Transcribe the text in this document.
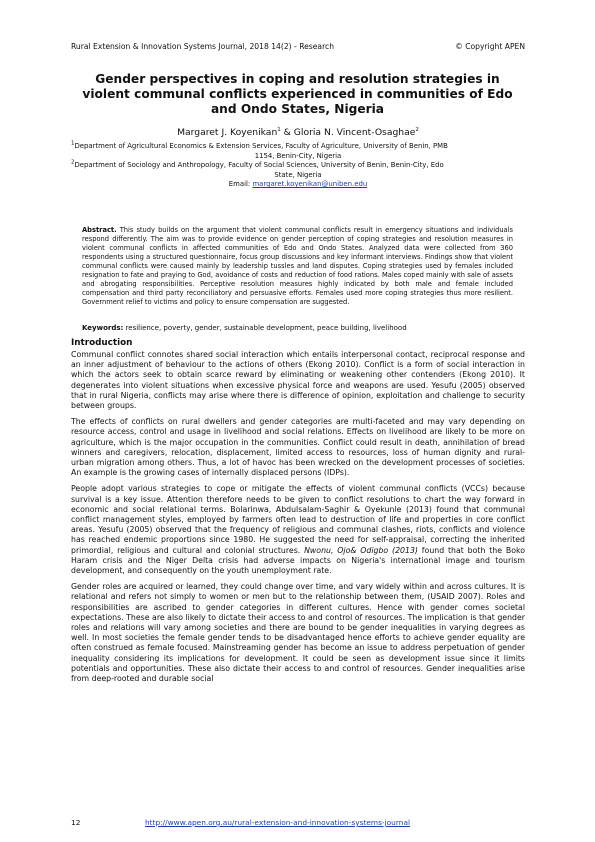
Rural Extension & Innovation Systems Journal, 2018 14(2) - Research	© Copyright APEN
Gender perspectives in coping and resolution strategies in violent communal conflicts experienced in communities of Edo and Ondo States, Nigeria
Margaret J. Koyenikan$^1$ & Gloria N. Vincent-Osaghae$^2$
$^1$Department of Agricultural Economics & Extension Services, Faculty of Agriculture, University of Benin, PMB
1154, Benin-City, Nigeria
$^2$Department of Sociology and Anthropology, Faculty of Social Sciences, University of Benin, Benin-City, Edo
State, Nigeria
Email: margaret.koyenikan@uniben.edu
Abstract. This study builds on the argument that violent communal conflicts result in emergency situations and individuals respond differently. The aim was to provide evidence on gender perception of coping strategies and resolution measures in violent communal conflicts in affected communities of Edo and Ondo States. Analyzed data were collected from 360 respondents using a structured questionnaire, focus group discussions and key informant interviews. Findings show that violent communal conflicts were caused mainly by leadership tussles and land disputes. Coping strategies used by females included resignation to fate and praying to God, avoidance of costs and reduction of food rations. Males coped mainly with sale of assets and abrogating responsibilities. Perceptive resolution measures highly indicated by both male and female included compensation and third party reconciliatory and persuasive efforts. Females used more coping strategies thus more resilient. Government relief to victims and policy to ensure compensation are suggested.
Keywords: resilience, poverty, gender, sustainable development, peace building, livelihood
Introduction

Communal conflict connotes shared social interaction which entails interpersonal contact, reciprocal response and an inner adjustment of behaviour to the actions of others (Ekong 2010). Conflict is a form of social interaction in which the actors seek to obtain scarce reward by eliminating or weakening other contenders (Ekong 2010). It degenerates into violent situations when excessive physical force and weapons are used. Yesufu (2005) observed that in rural Nigeria, conflicts may arise where there is difference of opinion, exploitation and challenge to security between groups.

The effects of conflicts on rural dwellers and gender categories are multi-faceted and may vary depending on resource access, control and usage in livelihood and social relations. Effects on livelihood are likely to be more on agriculture, which is the major occupation in the communities. Conflict could result in death, annihilation of bread winners and caregivers, relocation, displacement, limited access to resources, loss of human dignity and rural-urban migration among others. Thus, a lot of havoc has been wrecked on the development processes of societies. An example is the growing cases of internally displaced persons (IDPs).

People adopt various strategies to cope or mitigate the effects of violent communal conflicts (VCCs) because survival is a key issue. Attention therefore needs to be given to conflict resolutions to chart the way forward in economic and social relational terms. Bolarinwa, Abdulsalam-Saghir & Oyekunle (2013) found that communal conflict management styles, employed by farmers often lead to destruction of life and properties in core conflict areas. Yesufu (2005) observed that the frequency of religious and communal clashes, riots, conflicts and violence has reached endemic proportions since 1980. He suggested the need for self-appraisal, correcting the inherited primordial, religious and cultural and colonial structures. Nwonu, Ojo& Odigbo (2013) found that both the Boko Haram crisis and the Niger Delta crisis had adverse impacts on Nigeria's international image and tourism development, and consequently on the youth unemployment rate.

Gender roles are acquired or learned, they could change over time, and vary widely within and across cultures. It is relational and refers not simply to women or men but to the relationship between them, (USAID 2007). Roles and responsibilities are ascribed to gender categories in different cultures. Hence with gender comes societal expectations. These are also likely to dictate their access to and control of resources. The implication is that gender roles and relations will vary among societies and there are bound to be gender inequalities in varying degrees as well. In most societies the female gender tends to be disadvantaged hence efforts to achieve gender equality are often construed as female focused. Mainstreaming gender has become an issue to address perpetuation of gender inequality considering its implications for development. It could be seen as development issue since it limits potentials and opportunities. These also dictate their access to and control of resources. Gender inequalities arise from deep-rooted and durable social

12	http://www.apen.org.au/rural-extension-and-innovation-systems-journal
